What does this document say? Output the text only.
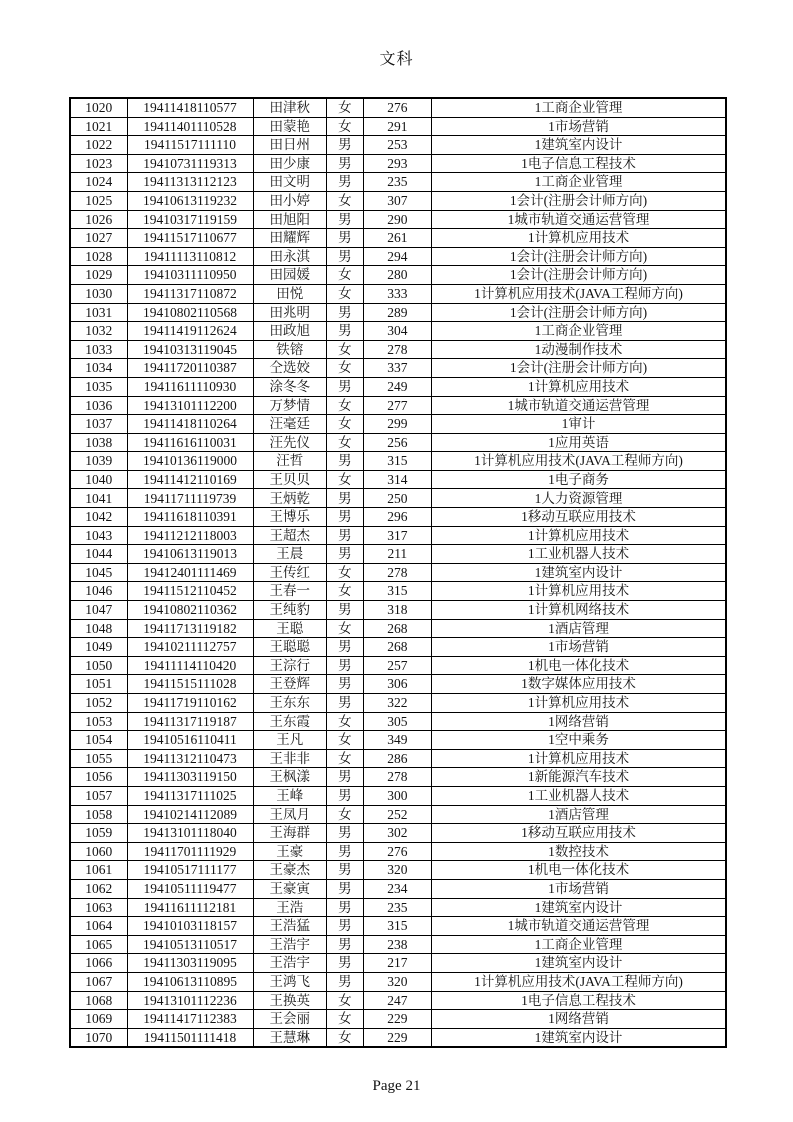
文科
1020	19411418110577	田津秋	女	276	1工商企业管理
1021	19411401110528	田蒙艳	女	291	1市场营销
1022	19411517111110	田日州	男	253	1建筑室内设计
1023	19410731119313	田少康	男	293	1电子信息工程技术
1024	19411313112123	田文明	男	235	1工商企业管理
1025	19410613119232	田小婷	女	307	1会计(注册会计师方向)
1026	19410317119159	田旭阳	男	290	1城市轨道交通运营管理
1027	19411517110677	田耀辉	男	261	1计算机应用技术
1028	19411113110812	田永淇	男	294	1会计(注册会计师方向)
1029	19410311110950	田园媛	女	280	1会计(注册会计师方向)
1030	19411317110872	田悦	女	333	1计算机应用技术(JAVA工程师方向)
1031	19410802110568	田兆明	男	289	1会计(注册会计师方向)
1032	19411419112624	田政旭	男	304	1工商企业管理
1033	19410313119045	铁镕	女	278	1动漫制作技术
1034	19411720110387	仝选姣	女	337	1会计(注册会计师方向)
1035	19411611110930	涂冬冬	男	249	1计算机应用技术
1036	19413101112200	万梦情	女	277	1城市轨道交通运营管理
1037	19411418110264	汪毫廷	女	299	1审计
1038	19411616110031	汪先仪	女	256	1应用英语
1039	19410136119000	汪哲	男	315	1计算机应用技术(JAVA工程师方向)
1040	19411412110169	王贝贝	女	314	1电子商务
1041	19411711119739	王炳乾	男	250	1人力资源管理
1042	19411618110391	王博乐	男	296	1移动互联应用技术
1043	19411212118003	王超杰	男	317	1计算机应用技术
1044	19410613119013	王晨	男	211	1工业机器人技术
1045	19412401111469	王传红	女	278	1建筑室内设计
1046	19411512110452	王春一	女	315	1计算机应用技术
1047	19410802110362	王纯豹	男	318	1计算机网络技术
1048	19411713119182	王聪	女	268	1酒店管理
1049	19410211112757	王聪聪	男	268	1市场营销
1050	19411114110420	王淙行	男	257	1机电一体化技术
1051	19411515111028	王登辉	男	306	1数字媒体应用技术
1052	19411719110162	王东东	男	322	1计算机应用技术
1053	19411317119187	王东霞	女	305	1网络营销
1054	19410516110411	王凡	女	349	1空中乘务
1055	19411312110473	王非非	女	286	1计算机应用技术
1056	19411303119150	王枫漾	男	278	1新能源汽车技术
1057	19411317111025	王峰	男	300	1工业机器人技术
1058	19410214112089	王凤月	女	252	1酒店管理
1059	19413101118040	王海群	男	302	1移动互联应用技术
1060	19411701111929	王豪	男	276	1数控技术
1061	19410517111177	王豪杰	男	320	1机电一体化技术
1062	19410511119477	王豪寅	男	234	1市场营销
1063	19411611112181	王浩	男	235	1建筑室内设计
1064	19410103118157	王浩猛	男	315	1城市轨道交通运营管理
1065	19410513110517	王浩宇	男	238	1工商企业管理
1066	19411303119095	王浩宇	男	217	1建筑室内设计
1067	19410613110895	王鸿飞	男	320	1计算机应用技术(JAVA工程师方向)
1068	19413101112236	王换英	女	247	1电子信息工程技术
1069	19411417112383	王会丽	女	229	1网络营销
1070	19411501111418	王慧琳	女	229	1建筑室内设计
Page 21
